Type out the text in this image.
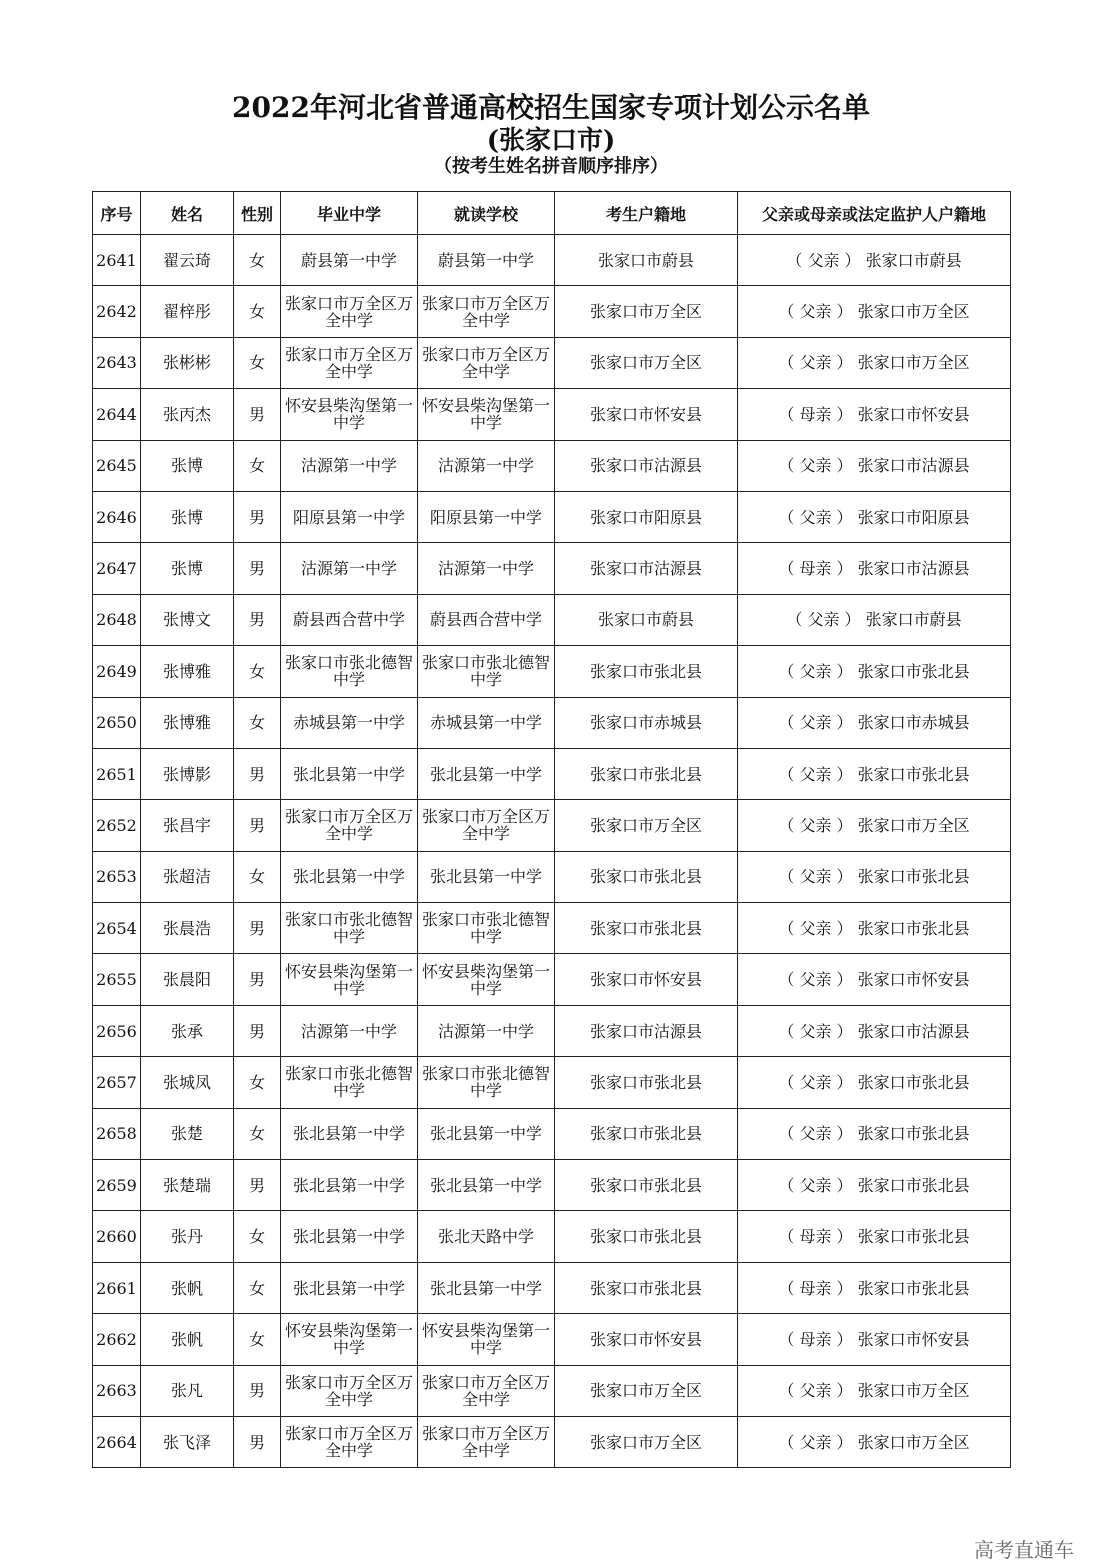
2022年河北省普通高校招生国家专项计划公示名单
(张家口市)
（按考生姓名拼音顺序排序）
序号	姓名	性别	毕业中学	就读学校	考生户籍地	父亲或母亲或法定监护人户籍地
2641	翟云琦	女	蔚县第一中学	蔚县第一中学	张家口市蔚县	（ 父亲 ） 张家口市蔚县
2642	翟梓彤	女	张家口市万全区万全中学	张家口市万全区万全中学	张家口市万全区	（ 父亲 ） 张家口市万全区
2643	张彬彬	女	张家口市万全区万全中学	张家口市万全区万全中学	张家口市万全区	（ 父亲 ） 张家口市万全区
2644	张丙杰	男	怀安县柴沟堡第一中学	怀安县柴沟堡第一中学	张家口市怀安县	（ 母亲 ） 张家口市怀安县
2645	张博	女	沽源第一中学	沽源第一中学	张家口市沽源县	（ 父亲 ） 张家口市沽源县
2646	张博	男	阳原县第一中学	阳原县第一中学	张家口市阳原县	（ 父亲 ） 张家口市阳原县
2647	张博	男	沽源第一中学	沽源第一中学	张家口市沽源县	（ 母亲 ） 张家口市沽源县
2648	张博文	男	蔚县西合营中学	蔚县西合营中学	张家口市蔚县	（ 父亲 ） 张家口市蔚县
2649	张博雅	女	张家口市张北德智中学	张家口市张北德智中学	张家口市张北县	（ 父亲 ） 张家口市张北县
2650	张博雅	女	赤城县第一中学	赤城县第一中学	张家口市赤城县	（ 父亲 ） 张家口市赤城县
2651	张博影	男	张北县第一中学	张北县第一中学	张家口市张北县	（ 父亲 ） 张家口市张北县
2652	张昌宇	男	张家口市万全区万全中学	张家口市万全区万全中学	张家口市万全区	（ 父亲 ） 张家口市万全区
2653	张超洁	女	张北县第一中学	张北县第一中学	张家口市张北县	（ 父亲 ） 张家口市张北县
2654	张晨浩	男	张家口市张北德智中学	张家口市张北德智中学	张家口市张北县	（ 父亲 ） 张家口市张北县
2655	张晨阳	男	怀安县柴沟堡第一中学	怀安县柴沟堡第一中学	张家口市怀安县	（ 父亲 ） 张家口市怀安县
2656	张承	男	沽源第一中学	沽源第一中学	张家口市沽源县	（ 父亲 ） 张家口市沽源县
2657	张城凤	女	张家口市张北德智中学	张家口市张北德智中学	张家口市张北县	（ 父亲 ） 张家口市张北县
2658	张楚	女	张北县第一中学	张北县第一中学	张家口市张北县	（ 父亲 ） 张家口市张北县
2659	张楚瑞	男	张北县第一中学	张北县第一中学	张家口市张北县	（ 父亲 ） 张家口市张北县
2660	张丹	女	张北县第一中学	张北天路中学	张家口市张北县	（ 母亲 ） 张家口市张北县
2661	张帆	女	张北县第一中学	张北县第一中学	张家口市张北县	（ 母亲 ） 张家口市张北县
2662	张帆	女	怀安县柴沟堡第一中学	怀安县柴沟堡第一中学	张家口市怀安县	（ 母亲 ） 张家口市怀安县
2663	张凡	男	张家口市万全区万全中学	张家口市万全区万全中学	张家口市万全区	（ 父亲 ） 张家口市万全区
2664	张飞泽	男	张家口市万全区万全中学	张家口市万全区万全中学	张家口市万全区	（ 父亲 ） 张家口市万全区
高考直通车
